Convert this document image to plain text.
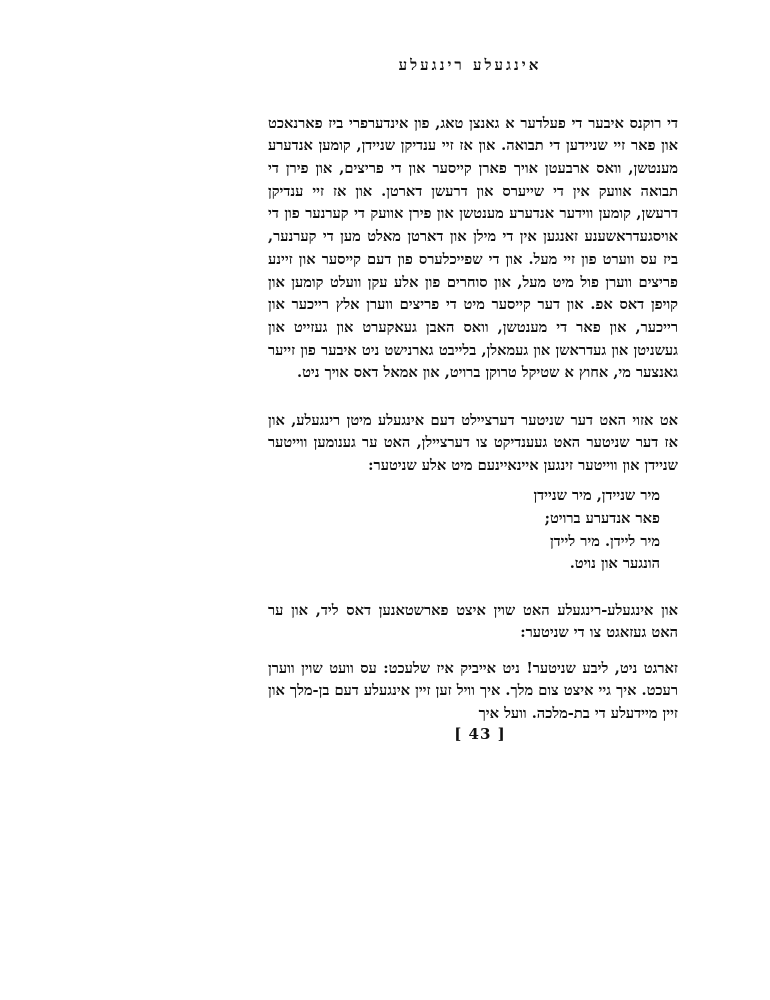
אינגעלע רינגעלע

די רוקנס איבער די פעלדער א גאנצן טאג, פון אינדערפרי ביז פארנאכט און פאר זיי שניידען די תבואה. און אז זיי ענדיקן שניידן, קומען אנדערע מענטשן, וואס ארבעטן אויך פארן קייסער און די פריצים, און פירן די תבואה אוועק אין די שייערס און דרעשן דארטן. און אז זיי ענדיקן דרעשן, קומען ווידער אנדערע מענטשן און פירן אוועק די קערנער פון די אויסגעדראשענע זאנגען אין די מילן און דארטן מאלט מען די קערנער, ביז עס ווערט פון זיי מעל. און די שפייכלערס פון דעם קייסער און זיינע פריצים ווערן פול מיט מעל, און סוחרים פון אלע עקן וועלט קומען און קויפן דאס אפ. און דער קייסער מיט די פריצים ווערן אלץ רייכער און רייכער, און פאר די מענטשן, וואס האבן געאקערט און געזייט און געשניטן און געדראשן און געמאלן, בלייבט גארנישט ניט איבער פון זייער גאנצער מי, אחוץ א שטיקל טרוקן ברויט, און אמאל דאס אויך ניט.

אט אזוי האט דער שניטער דערציילט דעם אינגעלע מיטן רינגעלע, און אז דער שניטער האט געענדיקט צו דערציילן, האט ער גענומען ווייטער שניידן און ווייטער זינגען איינאיינעם מיט אלע שניטער:

מיר שניידן, מיר שניידן
פאר אנדערע ברויט;
מיר ליידן. מיר ליידן
הונגער און נויט.

און אינגעלע-רינגעלע האט שוין איצט פארשטאנען דאס ליד, און ער האט געזאגט צו די שניטער:

זארגט ניט, ליבע שניטער! ניט אייביק איז שלעכט: עס וועט שוין ווערן רעכט. איך גיי איצט צום מלך. איך וויל זען זיין אינגעלע דעם בן-מלך און זיין מיידעלע די בת-מלכה. וועל איך

[ 43 ]
